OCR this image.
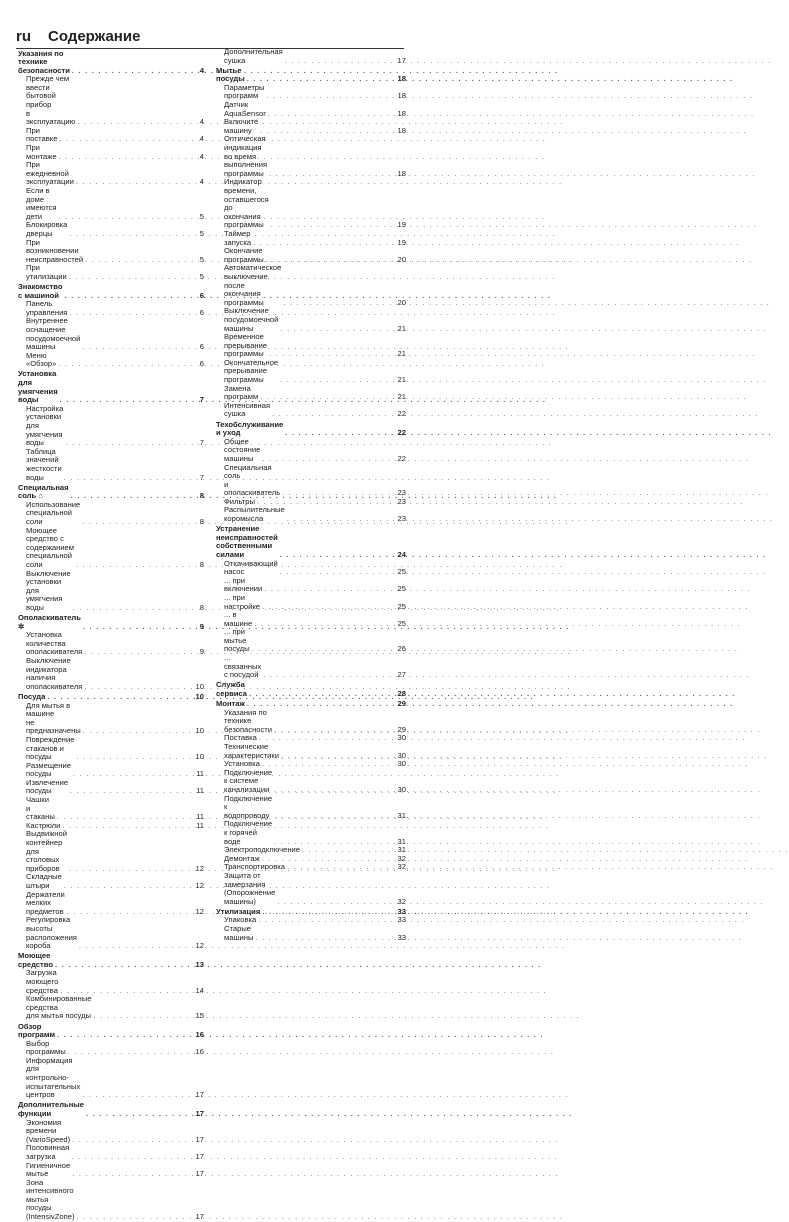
ru Содержание
Указания по технике безопасности . . .	4
Прежде чем ввести бытовой прибор
в эксплуатацию . . .	4
При поставке . . .	4
При монтаже . . .	4
При ежедневной эксплуатации . . .	4
Если в доме имеются дети . . .	5
Блокировка дверцы . . .	5
При возникновении неисправностей . . .	5
При утилизации . . .	5
Знакомство с машиной . . .	6
Панель управления . . .	6
Внутреннее оснащение
посудомоечной машины . . .	6
Меню «Обзор» . . .	6
Установка для умягчения воды . . .	7
Настройка установки для умягчения
воды . . .	7
Таблица значений жесткости воды . . .	7
Специальная соль ⌂ . . .	8
Использование специальной соли . . .	8
Моющее средство с содержанием
специальной соли . . .	8
Выключение установки для умягчения
воды . . .	8
Ополаскиватель ✲ . . .	9
Установка количества
ополаскивателя . . .	9
Выключение индикатора наличия
ополаскивателя . . .	10
Посуда . . .	10
Для мытья в машине
не предназначены . . .	10
Повреждение стаканов и посуды . . .	10
Размещение посуды . . .	11
Извлечение посуды . . .	11
Чашки и стаканы . . .	11
Кастрюли . . .	11
Выдвижной контейнер для столовых
приборов . . .	12
Складные штыри . . .	12
Держатели мелких предметов . . .	12
Регулировка высоты расположения
короба . . .	12
Моющее средство . . .	13
Загрузка моющего средства . . .	14
Комбинированные средства
для мытья посуды . . .	15
Обзор программ . . .	16
Выбор программы . . .	16
Информация для контрольно-
испытательных центров . . .	17
Дополнительные функции . . .	17
Экономия времени (VarioSpeed) . . .	17
Половинная загрузка . . .	17
Гигиеничное мытье . . .	17
Зона интенсивного мытья посуды
(IntensivZone) . . .	17
Дополнительная сушка . . .	17
Мытье посуды . . .	18
Параметры программ . . .	18
Датчик AquaSensor . . .	18
Включите машину . . .	18
Оптическая индикация во время
выполнения программы . . .	18
Индикатор времени, оставшегося
до окончания программы . . .	19
Таймер запуска . . .	19
Окончание программы . . .	20
Автоматическое выключение после
окончания программы . . .	20
Выключение посудомоечной
машины . . .	21
Временное прерывание программы . . .	21
Окончательное прерывание
программы . . .	21
Замена программ . . .	21
Интенсивная сушка . . .	22
Техобслуживание и уход . . .	22
Общее состояние машины . . .	22
Специальная соль
и ополаскиватель . . .	23
Фильтры . . .	23
Распылительные коромысла . . .	23
Устранение неисправностей
собственными силами . . .	24
Откачивающий насос . . .	25
... при включении . . .	25
... при настройке . . .	25
... в машине . . .	25
... при мытье посуды . . .	26
... связанных с посудой . . .	27
Служба сервиса . . .	28
Монтаж . . .	29
Указания по технике безопасности . . .	29
Поставка . . .	30
Технические характеристики . . .	30
Установка . . .	30
Подключение
к системе канализации . . .	30
Подключение к водопроводу . . .	31
Подключение к горячей воде . . .	31
Электроподключение . . .	31
Демонтаж . . .	32
Транспортировка . . .	32
Защита от замерзания
(Опорожнение машины) . . .	32
Утилизация . . .	33
Упаковка . . .	33
Старые машины . . .	33
